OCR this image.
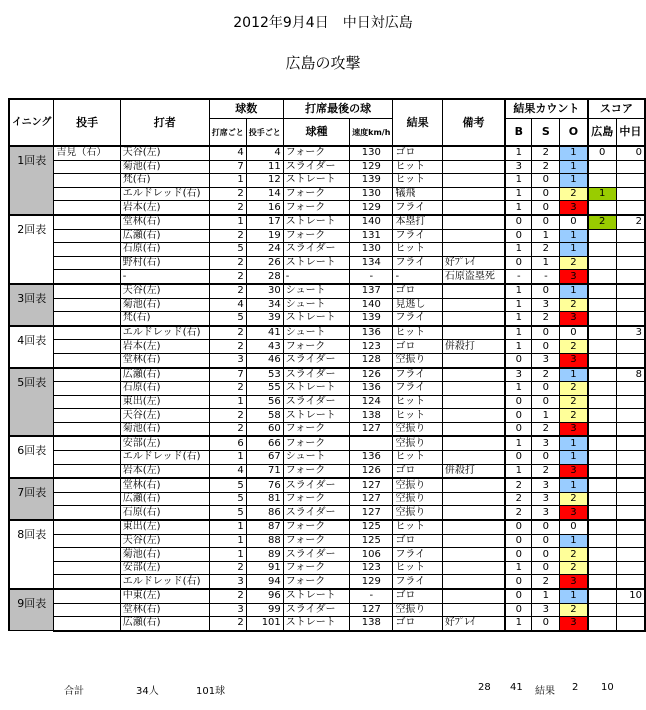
2012年9月4日　中日対広島
広島の攻撃
イニング	投手	打者	球数		打席最後の球		結果	備考	結果カウント			スコア	
			打席ごと	投手ごと	球種	速度km/h			B	S	O	広島	中日
1回表	吉見（右）	天谷(左)	4	4	フォーク	130	ゴロ		1	2	1	0	0
		菊池(右)	7	11	スライダー	129	ヒット		3	2	1		
		梵(右)	1	12	ストレート	139	ヒット		1	0	1		
		エルドレッド(右)	2	14	フォーク	130	犠飛		1	0	2	1	
		岩本(左)	2	16	フォーク	129	フライ		1	0	3		
2回表		堂林(右)	1	17	ストレート	140	本塁打		0	0	0	2	2
		広瀬(右)	2	19	フォーク	131	フライ		0	1	1		
		石原(右)	5	24	スライダー	130	ヒット		1	2	1		
		野村(右)	2	26	ストレート	134	フライ	好ﾌﾟﾚｲ	0	1	2		
		-	2	28	-	-	-	石原盗塁死	-	-	3		
3回表		天谷(左)	2	30	シュート	137	ゴロ		1	0	1		
		菊池(右)	4	34	シュート	140	見逃し		1	3	2		
		梵(右)	5	39	ストレート	139	フライ		1	2	3		
4回表		エルドレッド(右)	2	41	シュート	136	ヒット		1	0	0		3
		岩本(左)	2	43	フォーク	123	ゴロ	併殺打	1	0	2		
		堂林(右)	3	46	スライダー	128	空振り		0	3	3		
5回表		広瀬(右)	7	53	スライダー	126	フライ		3	2	1		8
		石原(右)	2	55	ストレート	136	フライ		1	0	2		
		東出(左)	1	56	スライダー	124	ヒット		0	0	2		
		天谷(左)	2	58	ストレート	138	ヒット		0	1	2		
		菊池(右)	2	60	フォーク	127	空振り		0	2	3		
6回表		安部(左)	6	66	フォーク		空振り		1	3	1		
		エルドレッド(右)	1	67	シュート	136	ヒット		0	0	1		
		岩本(左)	4	71	フォーク	126	ゴロ	併殺打	1	2	3		
7回表		堂林(右)	5	76	スライダー	127	空振り		2	3	1		
		広瀬(右)	5	81	フォーク	127	空振り		2	3	2		
		石原(右)	5	86	スライダー	127	空振り		2	3	3		
8回表		東出(左)	1	87	フォーク	125	ヒット		0	0	0		
		天谷(左)	1	88	フォーク	125	ゴロ		0	0	1		
		菊池(右)	1	89	スライダー	106	フライ		0	0	2		
		安部(左)	2	91	フォーク	123	ヒット		1	0	2		
		エルドレッド(右)	3	94	フォーク	129	フライ		0	2	3		
9回表		中東(左)	2	96	ストレート	-	ゴロ		0	1	1		10
		堂林(右)	3	99	スライダー	127	空振り		0	3	2		
		広瀬(右)	2	101	ストレート	138	ゴロ	好ﾌﾟﾚｲ	1	0	3		
合計	34人	101球	28 41 結果 2 10
